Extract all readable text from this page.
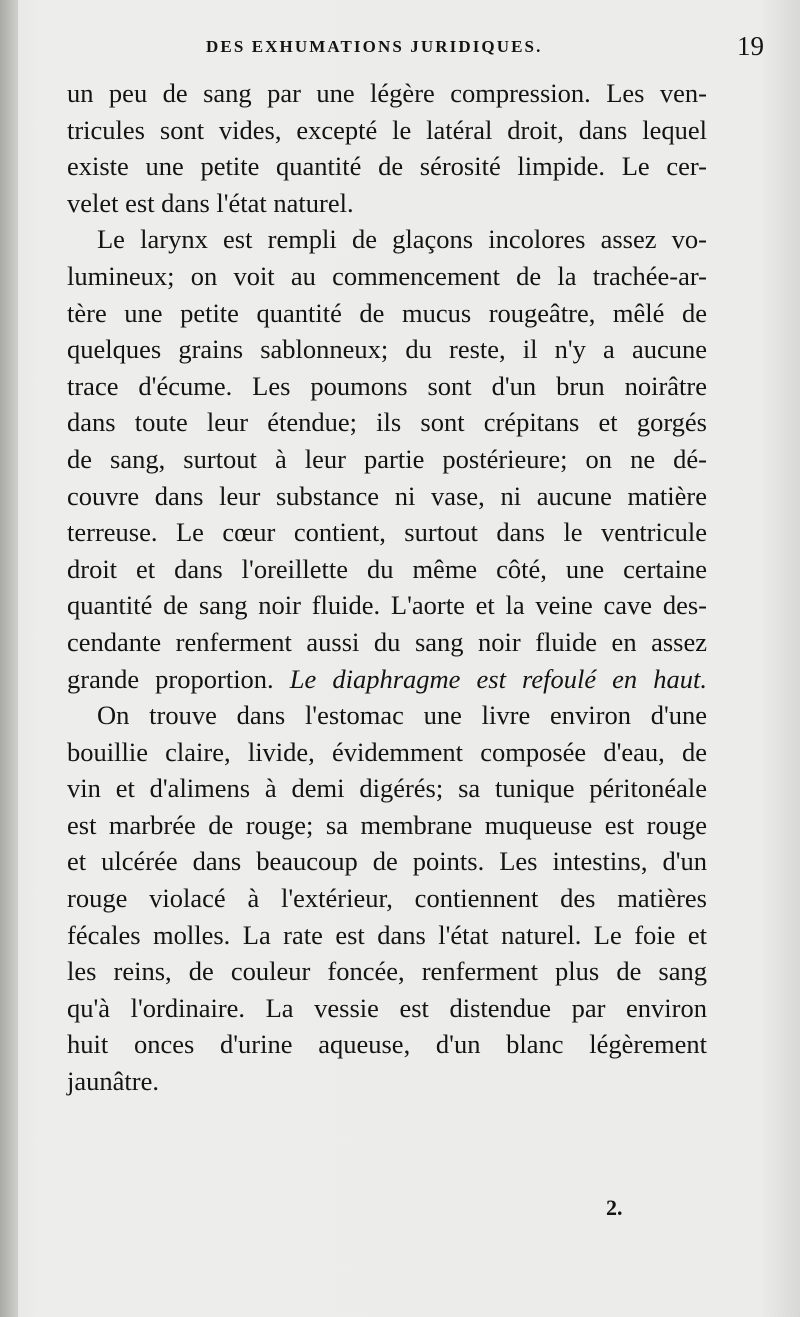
DES EXHUMATIONS JURIDIQUES.	19
un peu de sang par une légère compression. Les ven-
tricules sont vides, excepté le latéral droit, dans lequel
existe une petite quantité de sérosité limpide. Le cer-
velet est dans l'état naturel.
Le larynx est rempli de glaçons incolores assez vo-
lumineux; on voit au commencement de la trachée-ar-
tère une petite quantité de mucus rougeâtre, mêlé de
quelques grains sablonneux; du reste, il n'y a aucune
trace d'écume. Les poumons sont d'un brun noirâtre
dans toute leur étendue; ils sont crépitans et gorgés
de sang, surtout à leur partie postérieure; on ne dé-
couvre dans leur substance ni vase, ni aucune matière
terreuse. Le cœur contient, surtout dans le ventricule
droit et dans l'oreillette du même côté, une certaine
quantité de sang noir fluide. L'aorte et la veine cave des-
cendante renferment aussi du sang noir fluide en assez
grande proportion. Le diaphragme est refoulé en haut.
On trouve dans l'estomac une livre environ d'une
bouillie claire, livide, évidemment composée d'eau, de
vin et d'alimens à demi digérés; sa tunique péritonéale
est marbrée de rouge; sa membrane muqueuse est rouge
et ulcérée dans beaucoup de points. Les intestins, d'un
rouge violacé à l'extérieur, contiennent des matières
fécales molles. La rate est dans l'état naturel. Le foie et
les reins, de couleur foncée, renferment plus de sang
qu'à l'ordinaire. La vessie est distendue par environ
huit onces d'urine aqueuse, d'un blanc légèrement
jaunâtre.
2.
